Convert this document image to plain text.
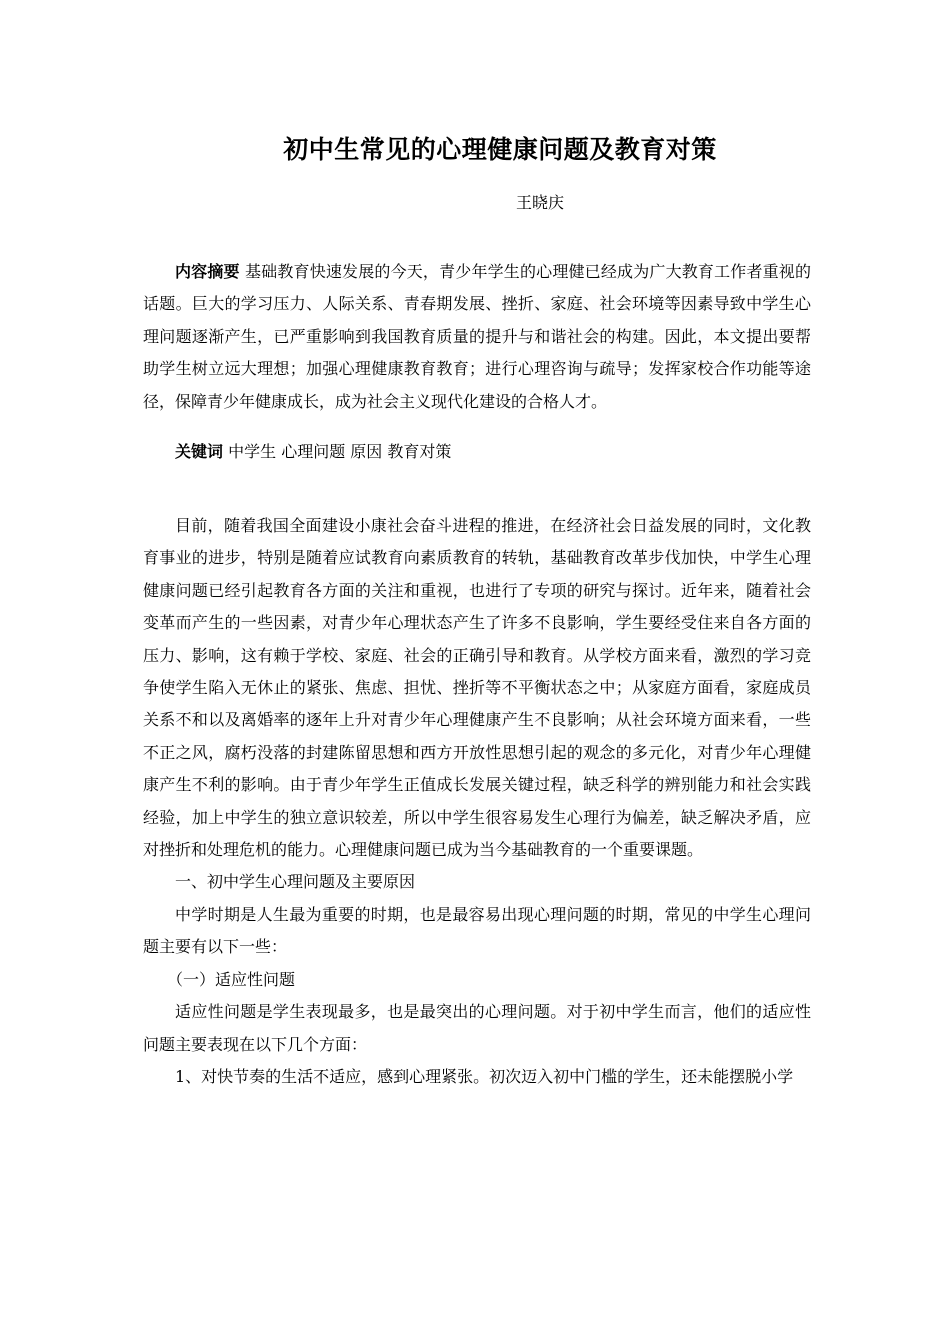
初中生常见的心理健康问题及教育对策
王晓庆

内容摘要 基础教育快速发展的今天，青少年学生的心理健已经成为广大教育工作者重视的话题。巨大的学习压力、人际关系、青春期发展、挫折、家庭、社会环境等因素导致中学生心理问题逐渐产生，已严重影响到我国教育质量的提升与和谐社会的构建。因此，本文提出要帮助学生树立远大理想；加强心理健康教育教育；进行心理咨询与疏导；发挥家校合作功能等途径，保障青少年健康成长，成为社会主义现代化建设的合格人才。

关键词 中学生 心理问题 原因 教育对策

目前，随着我国全面建设小康社会奋斗进程的推进，在经济社会日益发展的同时，文化教育事业的进步，特别是随着应试教育向素质教育的转轨，基础教育改革步伐加快，中学生心理健康问题已经引起教育各方面的关注和重视，也进行了专项的研究与探讨。近年来，随着社会变革而产生的一些因素，对青少年心理状态产生了许多不良影响，学生要经受住来自各方面的压力、影响，这有赖于学校、家庭、社会的正确引导和教育。从学校方面来看，激烈的学习竞争使学生陷入无休止的紧张、焦虑、担忧、挫折等不平衡状态之中；从家庭方面看，家庭成员关系不和以及离婚率的逐年上升对青少年心理健康产生不良影响；从社会环境方面来看，一些不正之风，腐朽没落的封建陈留思想和西方开放性思想引起的观念的多元化，对青少年心理健康产生不利的影响。由于青少年学生正值成长发展关键过程，缺乏科学的辨别能力和社会实践经验，加上中学生的独立意识较差，所以中学生很容易发生心理行为偏差，缺乏解决矛盾，应对挫折和处理危机的能力。心理健康问题已成为当今基础教育的一个重要课题。

一、初中学生心理问题及主要原因

中学时期是人生最为重要的时期，也是最容易出现心理问题的时期，常见的中学生心理问题主要有以下一些：

（一）适应性问题

适应性问题是学生表现最多，也是最突出的心理问题。对于初中学生而言，他们的适应性问题主要表现在以下几个方面：

1、对快节奏的生活不适应，感到心理紧张。初次迈入初中门槛的学生，还未能摆脱小学
